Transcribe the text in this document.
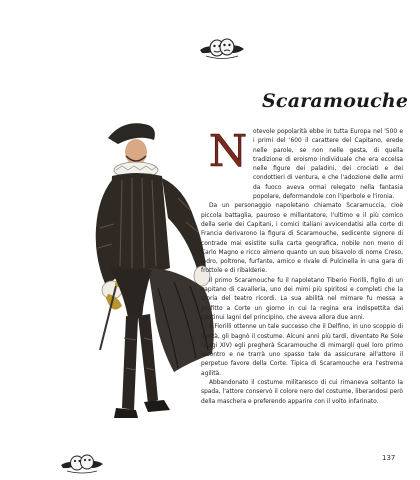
Scaramouche
N otevole popolarità ebbe in tutta Europa nel '500 e i primi del '600 il carattere del Capitano, erede nelle parole, se non nelle gesta, di quella tradizione di eroismo individuale che era eccelsa nelle figure dei paladini, dei crociati e dei condottieri di ventura, e che l'adozione delle armi da fuoco aveva ormai relegato nella fantasia popolare, deformandole con l'iperbole e l'ironia.

Da un personaggio napoletano chiamato Scaramuccia, cioè piccola battaglia, pauroso e millantatore, l'ultimo e il più comico della serie dei Capitani, i comici italiani avvicendatisi alla corte di Francia derivarono la figura di Scaramouche, sedicente signore di contrade mai esistite sulla carta geografica, nobile non meno di Carlo Magno e ricco almeno quanto un suo bisavolo di nome Creso, ladro, poltrone, furfante, amico e rivale di Pulcinella in una gara di frottole e di ribalderie.

Il primo Scaramouche fu il napoletano Tiberio Fiorilli, figlio di un capitano di cavalleria, uno dei mimi più spiritosi e completi che la storia del teatro ricordi. La sua abilità nel mimare fu messa a profitto a Corte un giorno in cui la regina era indispettita dai continui lagni del principino, che aveva allora due anni.

Il Fiorilli ottenne un tale successo che il Delfino, in uno scoppio di ilarità, gli bagnò il costume. Alcuni anni più tardi, diventato Re Sole (Luigi XIV) egli pregherà Scaramouche di mimargli quel loro primo incontro e ne trarrà uno spasso tale da assicurare all'attore il perpetuo favore della Corte. Tipica di Scaramouche era l'estrema agilità.

Abbandonato il costume militaresco di cui rimaneva soltanto la spada, l'attore conservò il colore nero del costume, liberandosi però della maschera e preferendo apparire con il volto infarinato.

137
